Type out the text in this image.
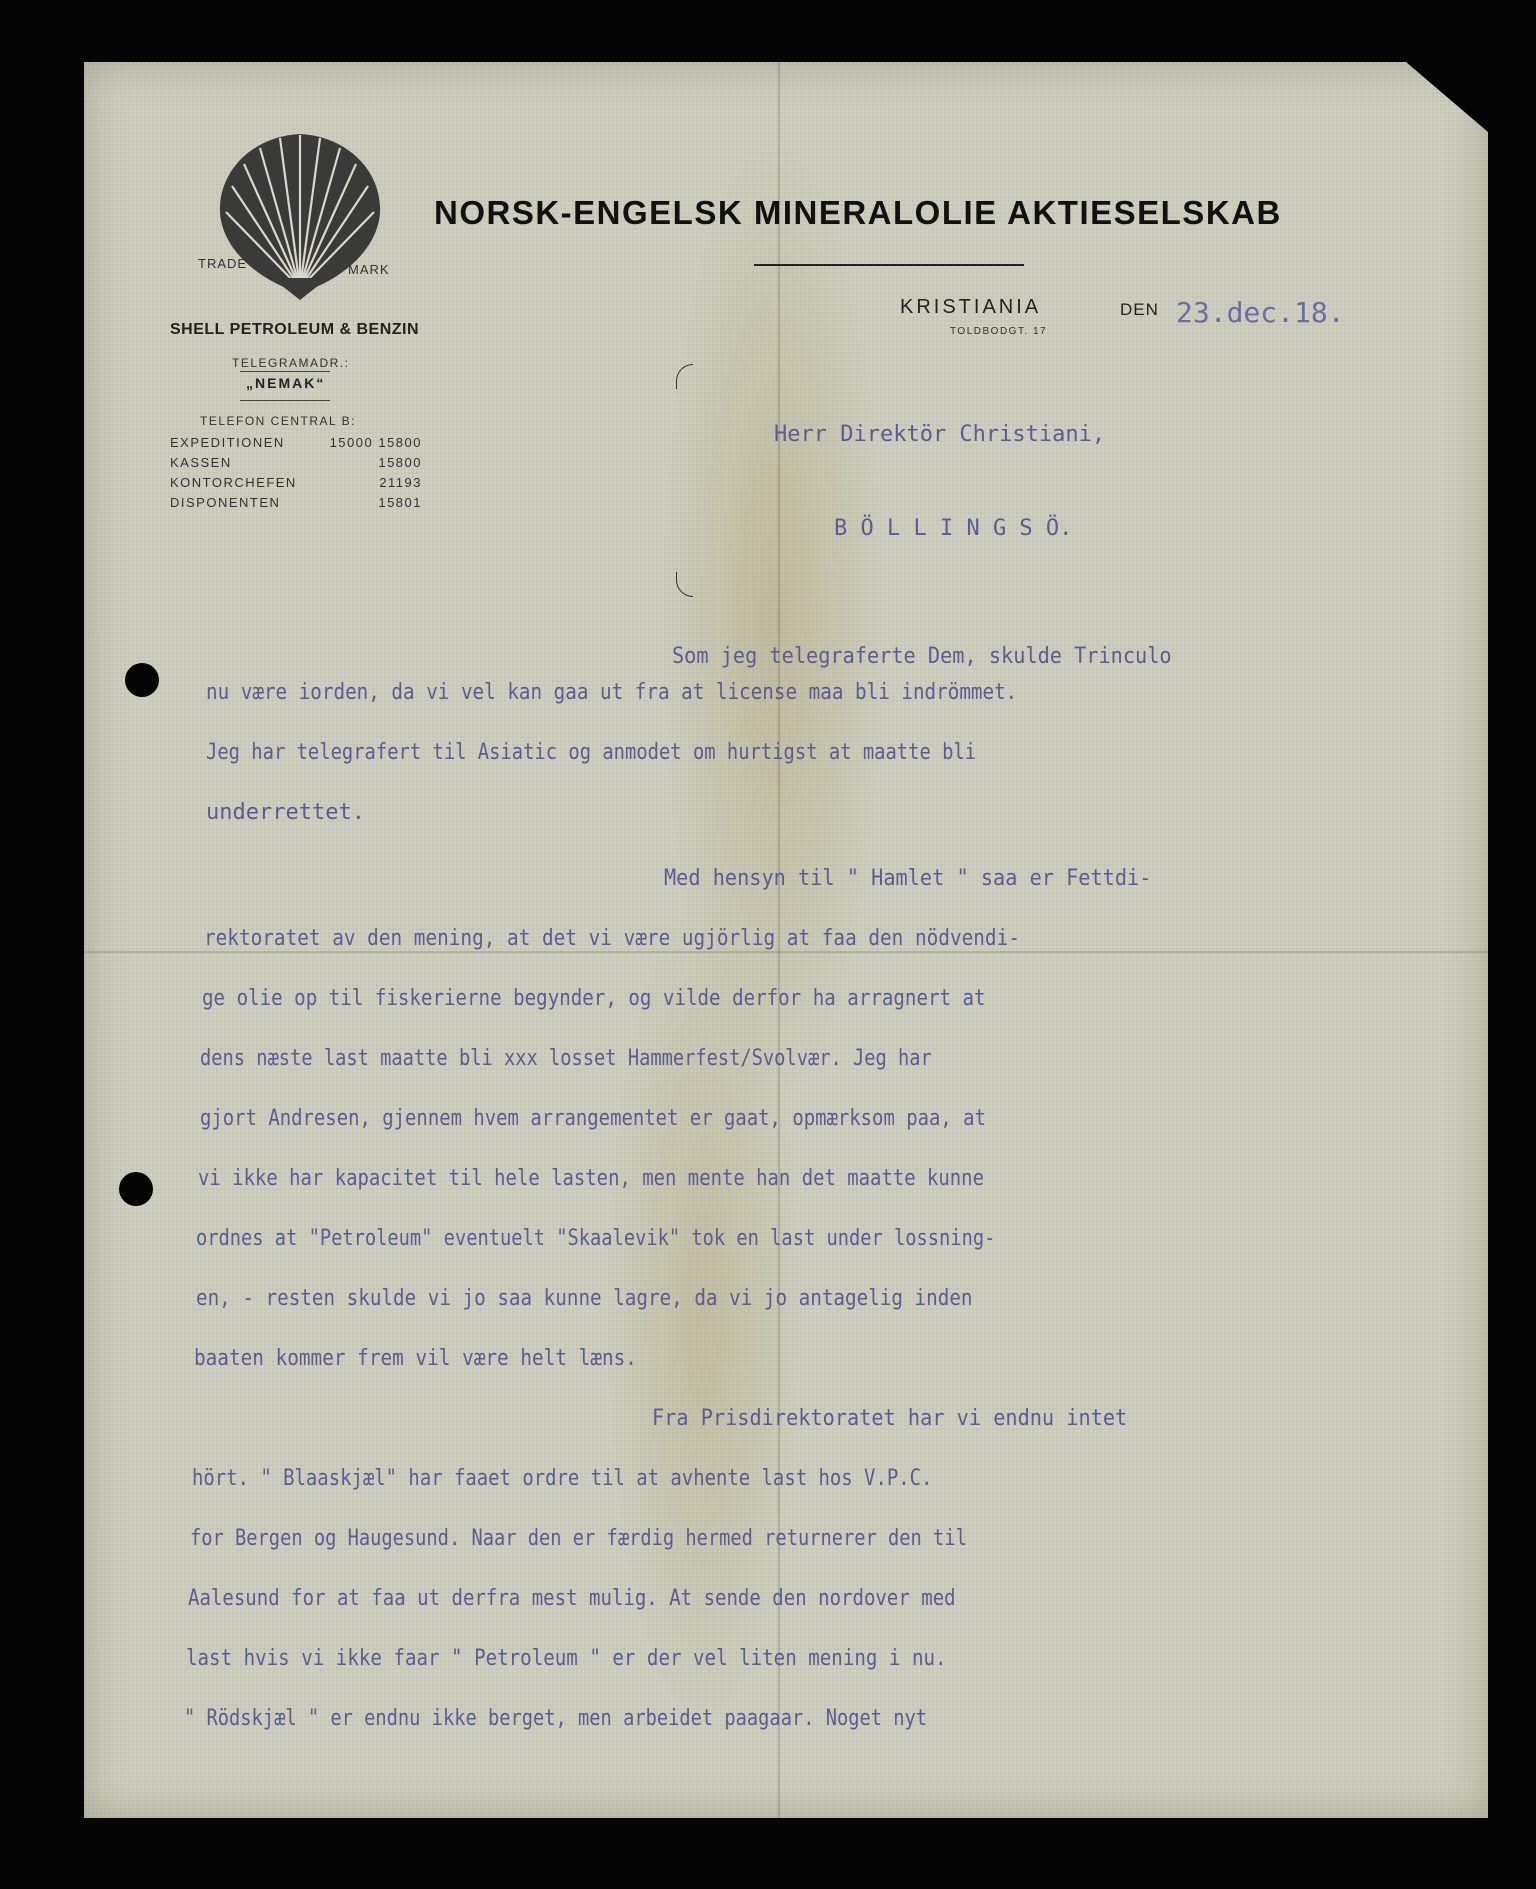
TRADE	MARK
SHELL PETROLEUM & BENZIN
TELEGRAMADR.:
„NEMAK“
TELEFON CENTRAL B:
EXPEDITIONEN	15000 15800
KASSEN	15800
KONTORCHEFEN	21193
DISPONENTEN	15801
NORSK-ENGELSK MINERALOLIE AKTIESELSKAB
KRISTIANIA	DEN 23.dec.18.
TOLDBODGT. 17
Herr Direktör Christiani,
B Ö L L I N G S Ö.
Som jeg telegraferte Dem, skulde Trinculo
nu være iorden, da vi vel kan gaa ut fra at license maa bli indrömmet.
Jeg har telegrafert til Asiatic og anmodet om hurtigst at maatte bli
underrettet.
Med hensyn til " Hamlet " saa er Fettdi-
rektoratet av den mening, at det vi være ugjörlig at faa den nödvendi-
ge olie op til fiskerierne begynder, og vilde derfor ha arragnert at
dens næste last maatte bli xxx losset Hammerfest/Svolvær. Jeg har
gjort Andresen, gjennem hvem arrangementet er gaat, opmærksom paa, at
vi ikke har kapacitet til hele lasten, men mente han det maatte kunne
ordnes at "Petroleum" eventuelt "Skaalevik" tok en last under lossning-
en, - resten skulde vi jo saa kunne lagre, da vi jo antagelig inden
baaten kommer frem vil være helt læns.
Fra Prisdirektoratet har vi endnu intet
hört. " Blaaskjæl" har faaet ordre til at avhente last hos V.P.C.
for Bergen og Haugesund. Naar den er færdig hermed returnerer den til
Aalesund for at faa ut derfra mest mulig. At sende den nordover med
last hvis vi ikke faar " Petroleum " er der vel liten mening i nu.
" Rödskjæl " er endnu ikke berget, men arbeidet paagaar. Noget nyt
